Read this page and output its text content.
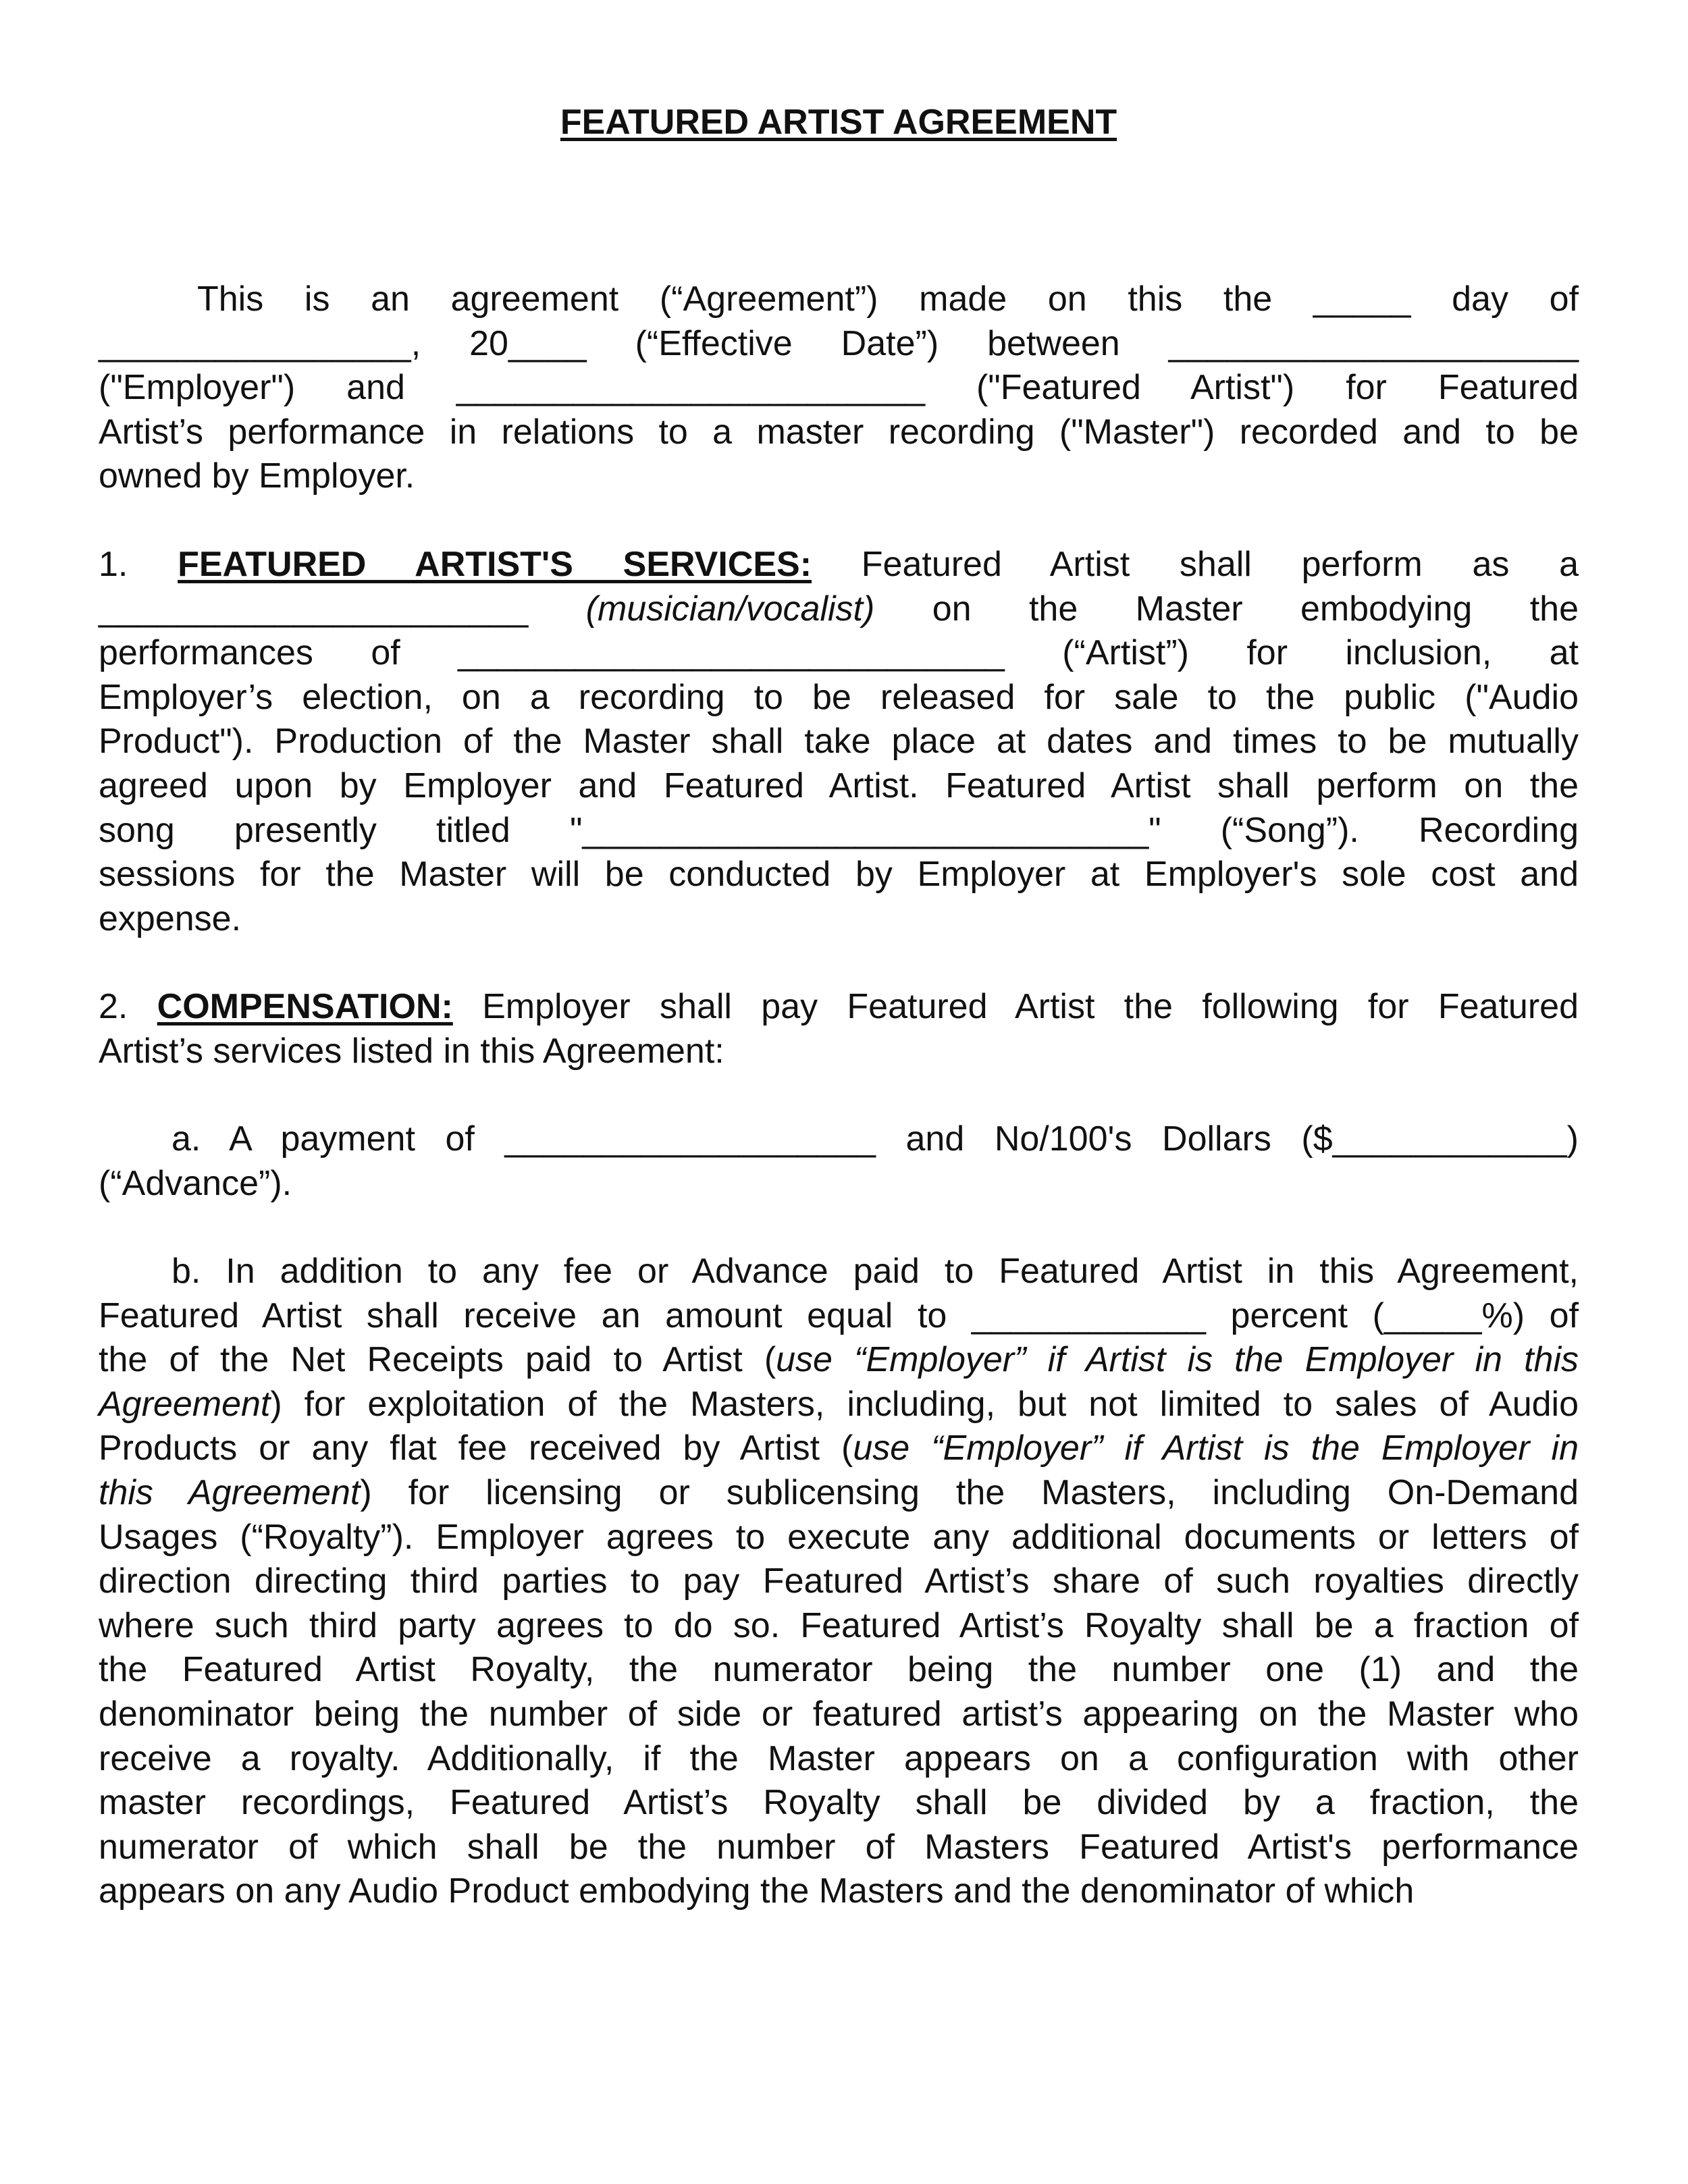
FEATURED ARTIST AGREEMENT
This is an agreement (“Agreement”) made on this the _____ day of
________________, 20____ (“Effective Date”) between _____________________
("Employer") and ________________________ ("Featured Artist") for Featured
Artist’s performance in relations to a master recording ("Master") recorded and to be
owned by Employer.
1. FEATURED ARTIST'S SERVICES: Featured Artist shall perform as a
______________________ (musician/vocalist) on the Master embodying the
performances of ____________________________ (“Artist”) for inclusion, at
Employer’s election, on a recording to be released for sale to the public ("Audio
Product"). Production of the Master shall take place at dates and times to be mutually
agreed upon by Employer and Featured Artist. Featured Artist shall perform on the
song presently titled "_____________________________" (“Song”). Recording
sessions for the Master will be conducted by Employer at Employer's sole cost and
expense.
2. COMPENSATION: Employer shall pay Featured Artist the following for Featured
Artist’s services listed in this Agreement:
a. A payment of ___________________ and No/100's Dollars ($____________)
(“Advance”).
b. In addition to any fee or Advance paid to Featured Artist in this Agreement,
Featured Artist shall receive an amount equal to ____________ percent (_____%) of
the of the Net Receipts paid to Artist (use “Employer” if Artist is the Employer in this
Agreement) for exploitation of the Masters, including, but not limited to sales of Audio
Products or any flat fee received by Artist (use “Employer” if Artist is the Employer in
this Agreement) for licensing or sublicensing the Masters, including On-Demand
Usages (“Royalty”). Employer agrees to execute any additional documents or letters of
direction directing third parties to pay Featured Artist’s share of such royalties directly
where such third party agrees to do so. Featured Artist’s Royalty shall be a fraction of
the Featured Artist Royalty, the numerator being the number one (1) and the
denominator being the number of side or featured artist’s appearing on the Master who
receive a royalty. Additionally, if the Master appears on a configuration with other
master recordings, Featured Artist’s Royalty shall be divided by a fraction, the
numerator of which shall be the number of Masters Featured Artist's performance
appears on any Audio Product embodying the Masters and the denominator of which
